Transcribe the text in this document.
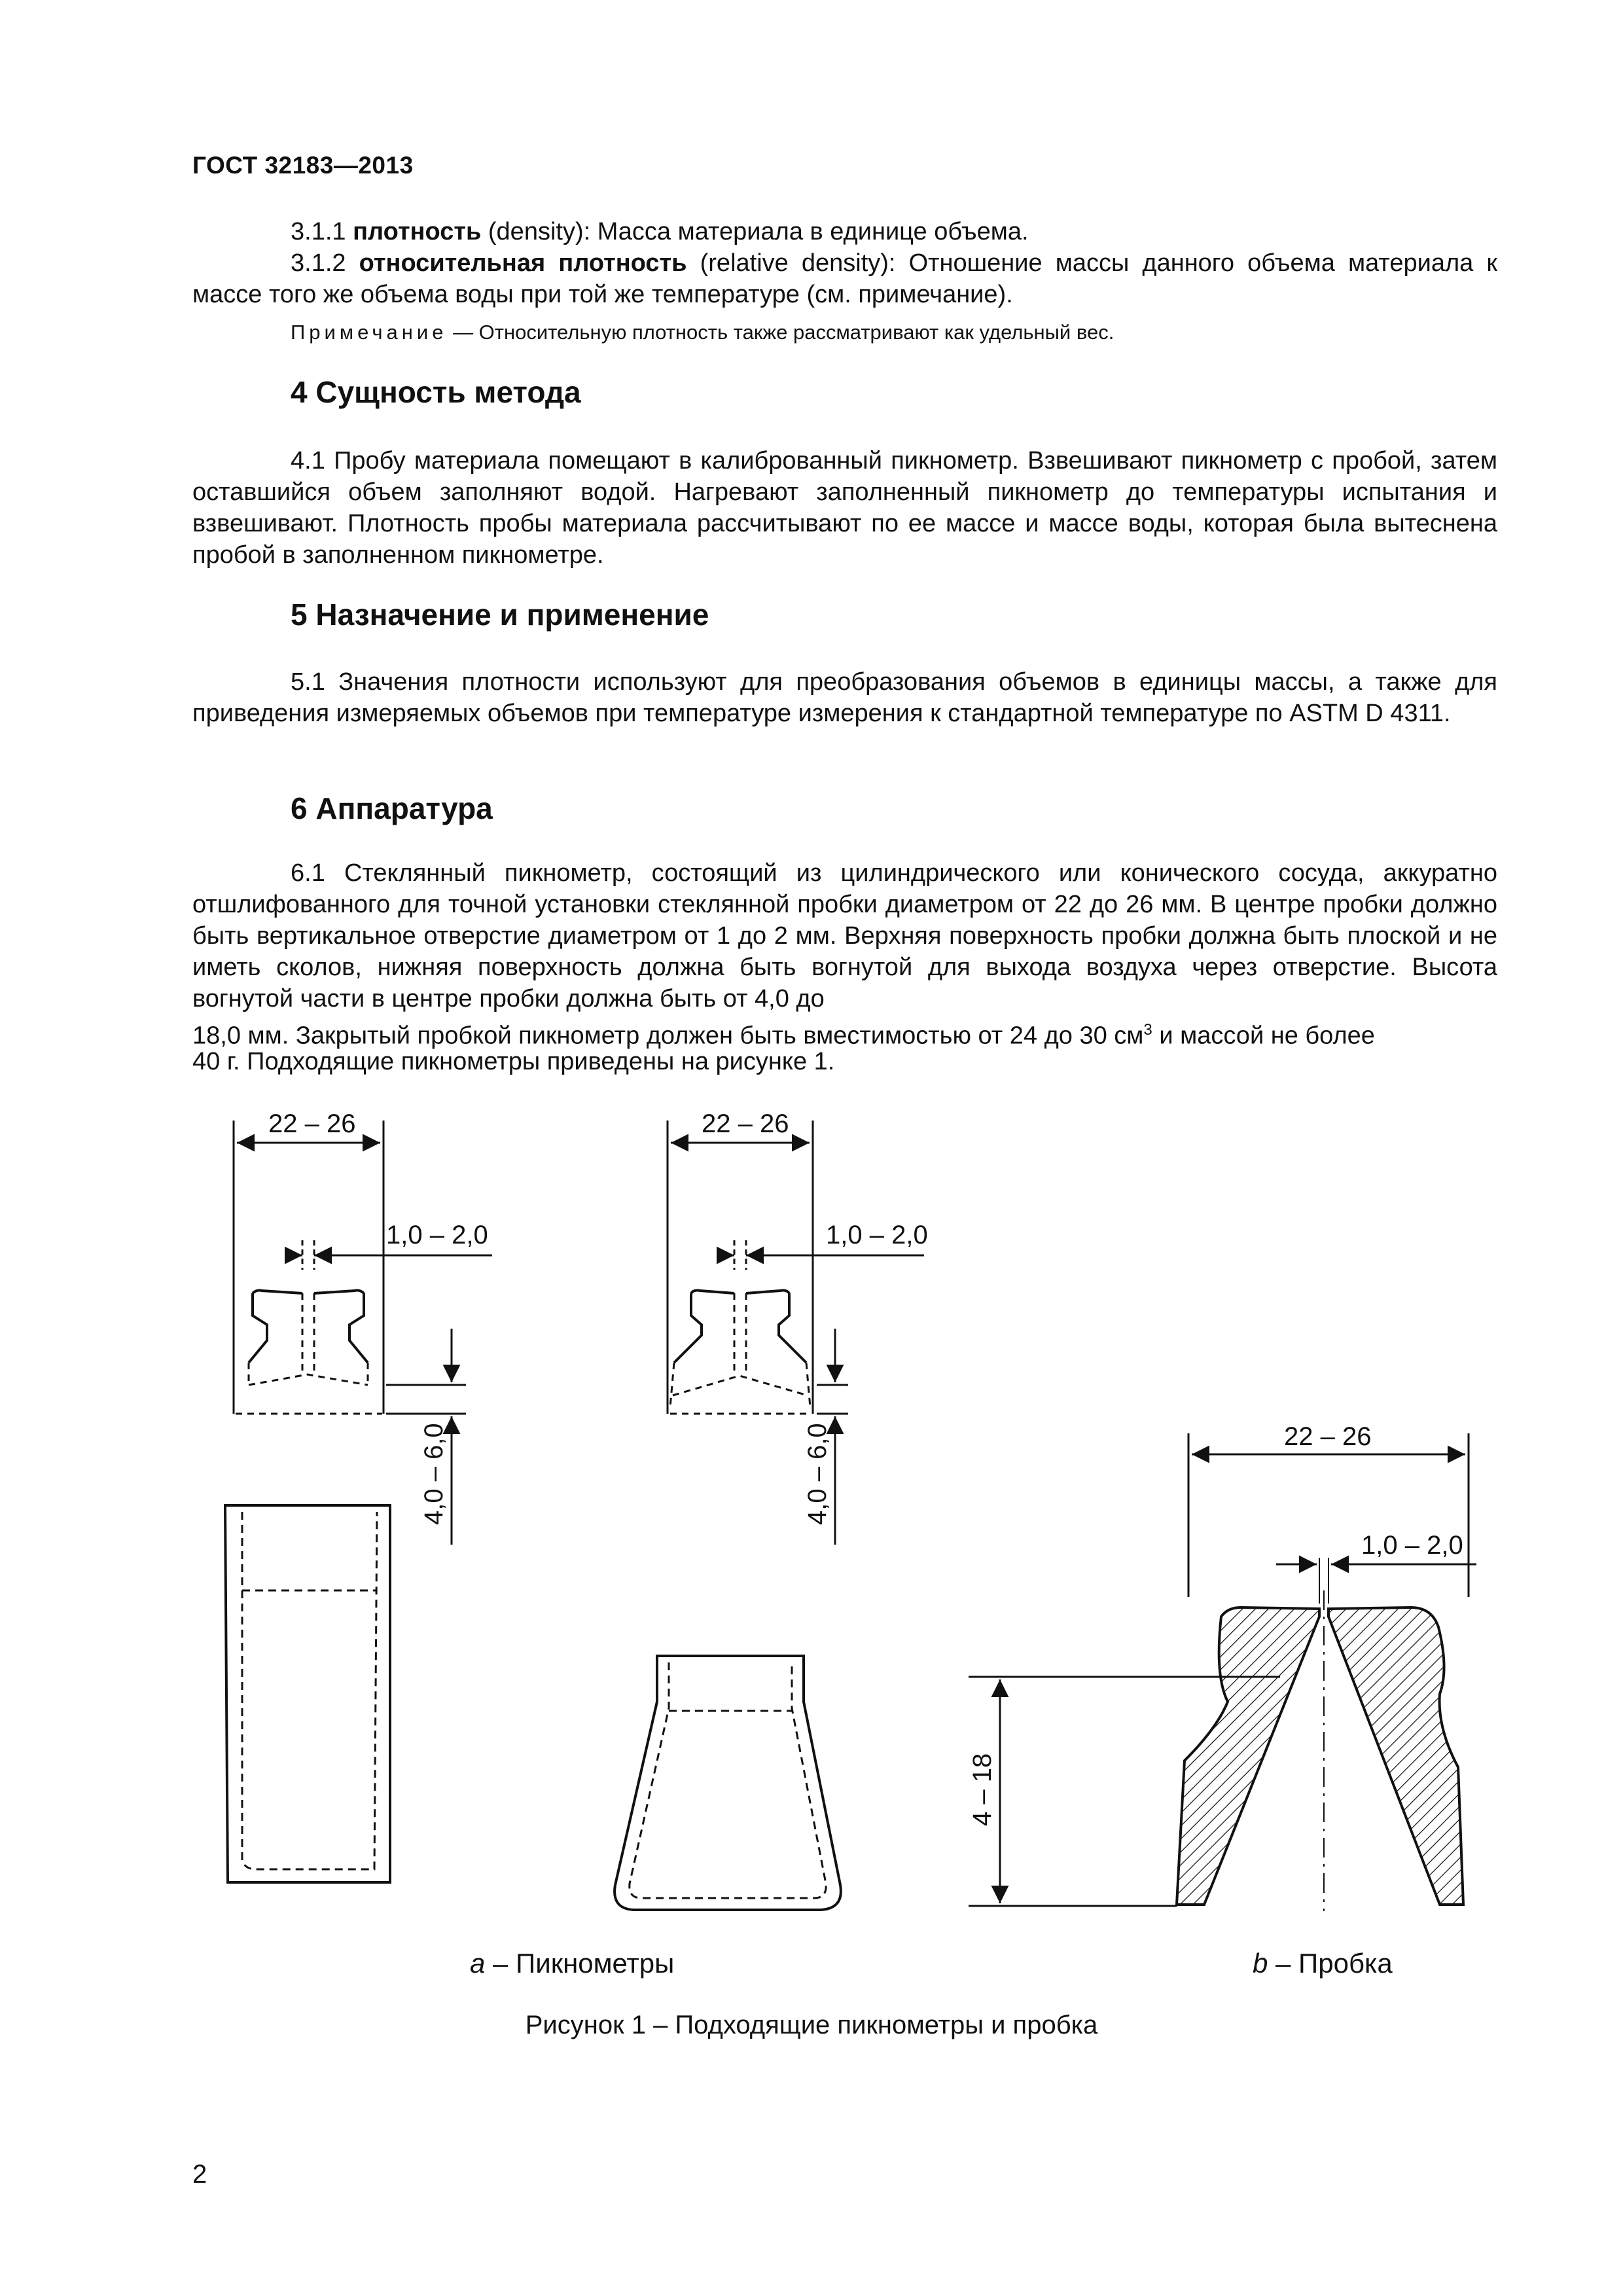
ГОСТ 32183—2013
3.1.1 плотность (density): Масса материала в единице объема.
3.1.2 относительная плотность (relative density): Отношение массы данного объема материала к массе того же объема воды при той же температуре (см. примечание).
Примечание — Относительную плотность также рассматривают как удельный вес.
4 Сущность метода
4.1 Пробу материала помещают в калиброванный пикнометр. Взвешивают пикнометр с пробой, затем оставшийся объем заполняют водой. Нагревают заполненный пикнометр до температуры испытания и взвешивают. Плотность пробы материала рассчитывают по ее массе и массе воды, которая была вытеснена пробой в заполненном пикнометре.
5 Назначение и применение
5.1 Значения плотности используют для преобразования объемов в единицы массы, а также для приведения измеряемых объемов при температуре измерения к стандартной температуре по ASTM D 4311.
6 Аппаратура
6.1 Стеклянный пикнометр, состоящий из цилиндрического или конического сосуда, аккуратно отшлифованного для точной установки стеклянной пробки диаметром от 22 до 26 мм. В центре пробки должно быть вертикальное отверстие диаметром от 1 до 2 мм. Верхняя поверхность пробки должна быть плоской и не иметь сколов, нижняя поверхность должна быть вогнутой для выхода воздуха через отверстие. Высота вогнутой части в центре пробки должна быть от 4,0 до
18,0 мм. Закрытый пробкой пикнометр должен быть вместимостью от 24 до 30 $см^3$ и массой не более
40 г. Подходящие пикнометры приведены на рисунке 1.
22 – 26
1,0 – 2,0
4,0 – 6,0
22 – 26
1,0 – 2,0
4,0 – 6,0	22 – 26
1,0 – 2,0
4 – 18
a – Пикнометры	b – Пробка
Рисунок 1 – Подходящие пикнометры и пробка
2
